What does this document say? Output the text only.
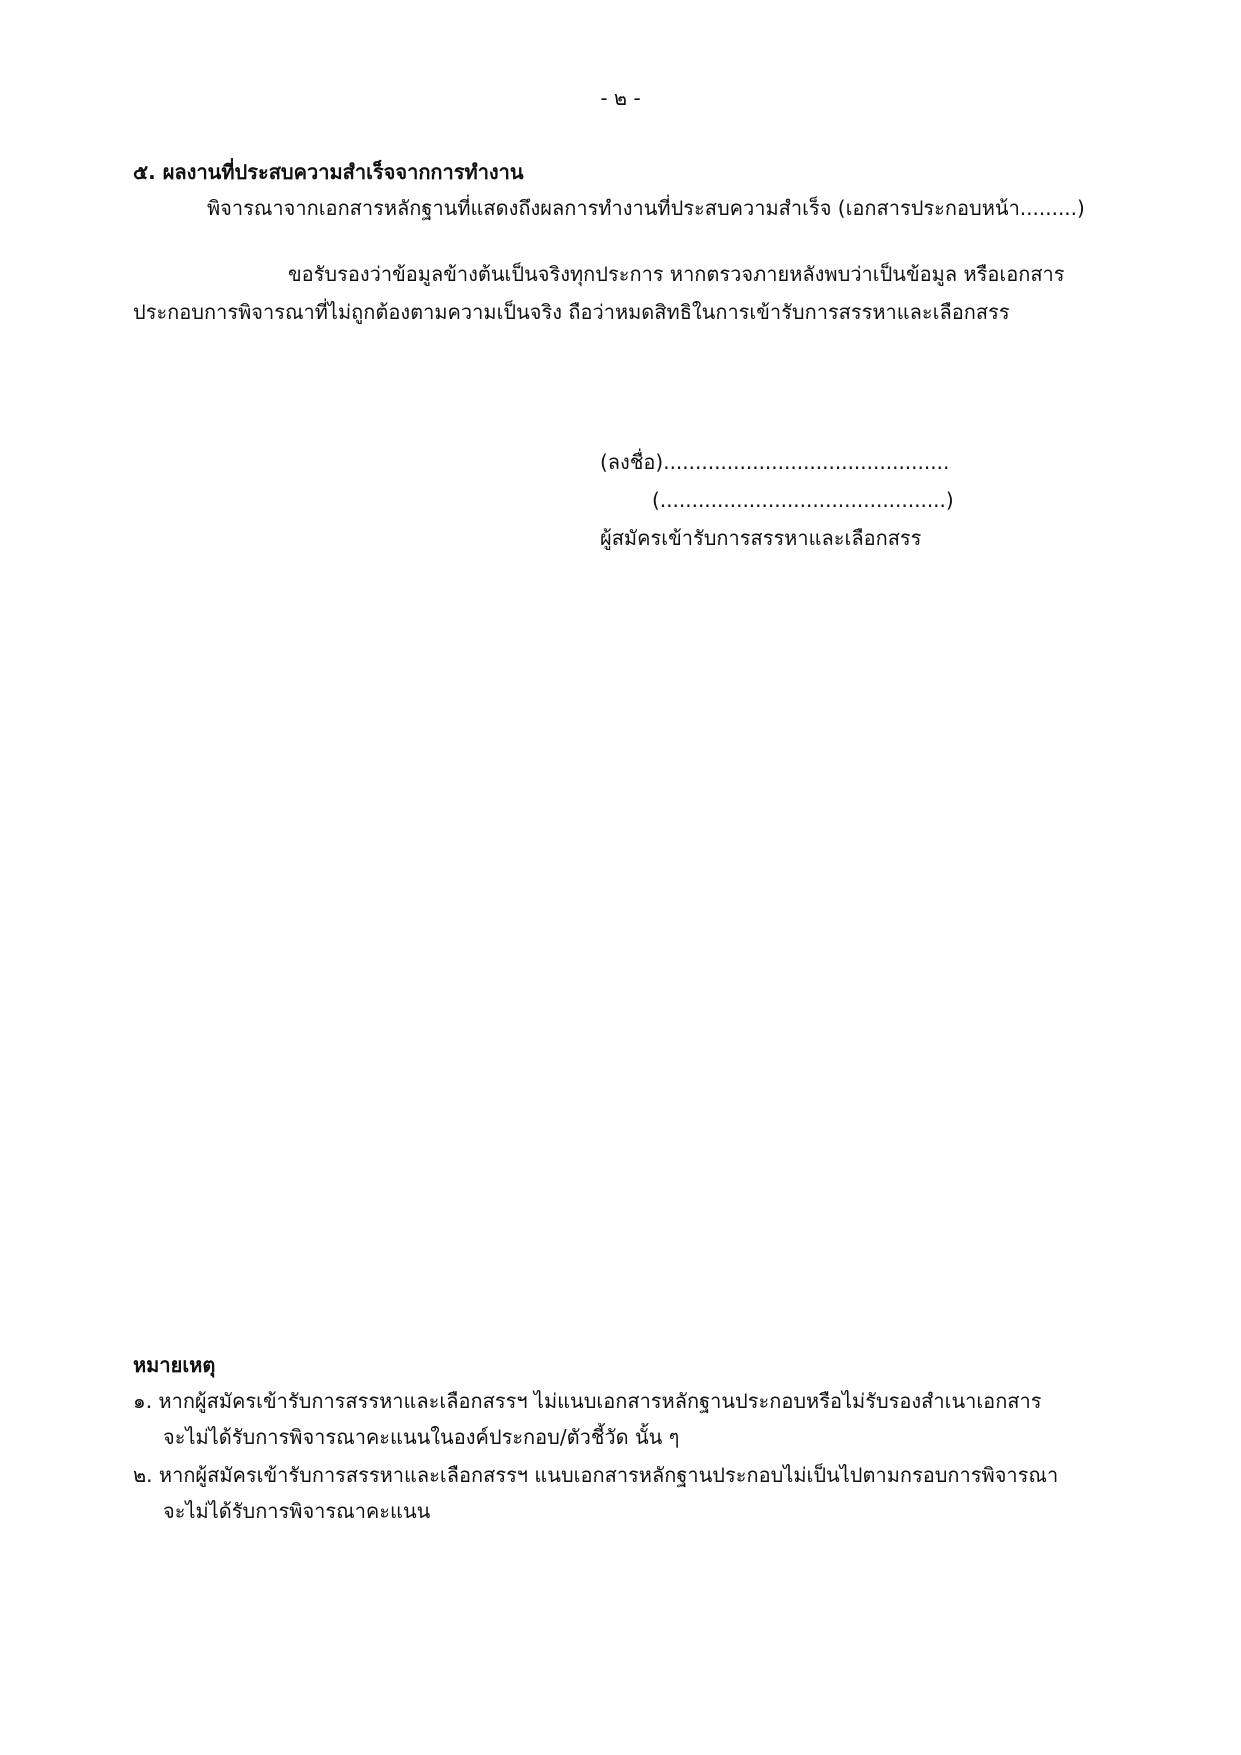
- ๒ -
๕. ผลงานที่ประสบความสำเร็จจากการทำงาน
พิจารณาจากเอกสารหลักฐานที่แสดงถึงผลการทำงานที่ประสบความสำเร็จ (เอกสารประกอบหน้า.........)
ขอรับรองว่าข้อมูลข้างต้นเป็นจริงทุกประการ หากตรวจภายหลังพบว่าเป็นข้อมูล หรือเอกสาร
ประกอบการพิจารณาที่ไม่ถูกต้องตามความเป็นจริง ถือว่าหมดสิทธิในการเข้ารับการสรรหาและเลือกสรร
(ลงชื่อ).............................................
(.............................................)
ผู้สมัครเข้ารับการสรรหาและเลือกสรร
หมายเหตุ
๑. หากผู้สมัครเข้ารับการสรรหาและเลือกสรรฯ ไม่แนบเอกสารหลักฐานประกอบหรือไม่รับรองสำเนาเอกสาร
จะไม่ได้รับการพิจารณาคะแนนในองค์ประกอบ/ตัวชี้วัด นั้น ๆ
๒. หากผู้สมัครเข้ารับการสรรหาและเลือกสรรฯ แนบเอกสารหลักฐานประกอบไม่เป็นไปตามกรอบการพิจารณา
จะไม่ได้รับการพิจารณาคะแนน
